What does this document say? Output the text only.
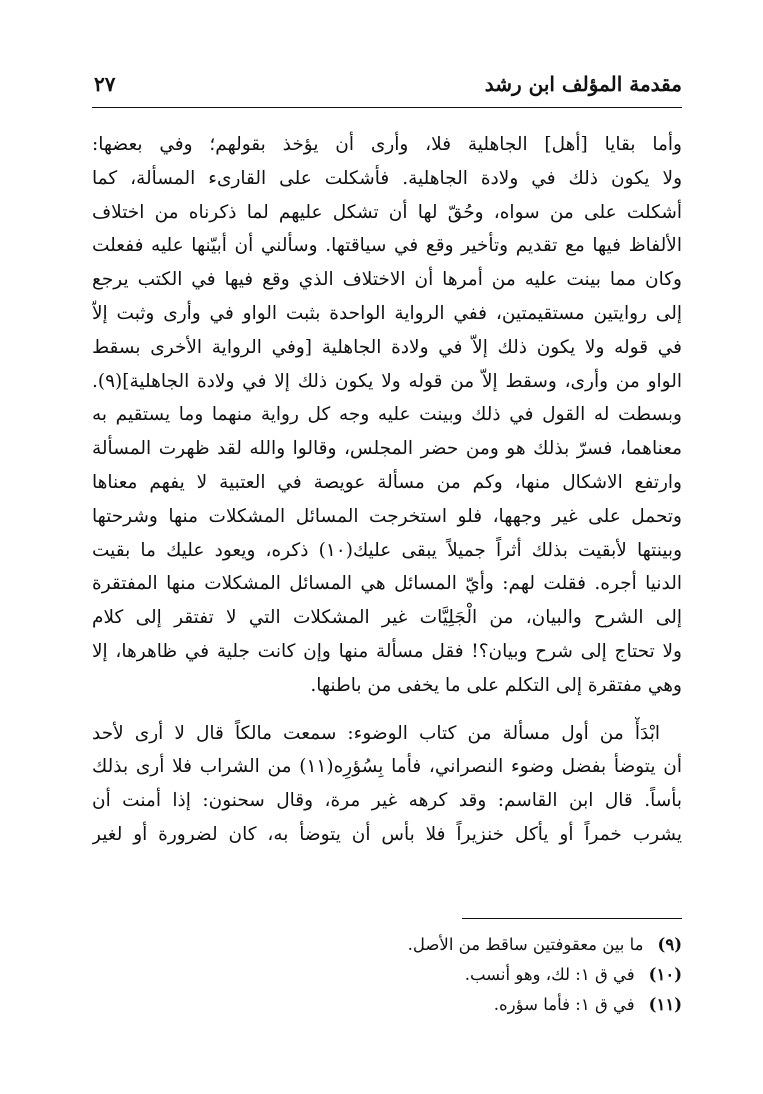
مقدمة المؤلف ابن رشد
٢٧
وأما بقايا [أهل] الجاهلية فلا، وأرى أن يؤخذ بقولهم؛ وفي بعضها:
ولا يكون ذلك في ولادة الجاهلية. فأشكلت على القارىء المسألة، كما
أشكلت على من سواه، وحُقّ لها أن تشكل عليهم لما ذكرناه من اختلاف
الألفاظ فيها مع تقديم وتأخير وقع في سياقتها. وسألني أن أبيّنها عليه ففعلت
وكان مما بينت عليه من أمرها أن الاختلاف الذي وقع فيها في الكتب يرجع
إلى روايتين مستقيمتين، ففي الرواية الواحدة بثبت الواو في وأرى وثبت إلاّ
في قوله ولا يكون ذلك إلاّ في ولادة الجاهلية [وفي الرواية الأخرى بسقط
الواو من وأرى، وسقط إلاّ من قوله ولا يكون ذلك إلا في ولادة الجاهلية](٩).
وبسطت له القول في ذلك وبينت عليه وجه كل رواية منهما وما يستقيم به
معناهما، فسرّ بذلك هو ومن حضر المجلس، وقالوا والله لقد ظهرت المسألة
وارتفع الاشكال منها، وكم من مسألة عويصة في العتبية لا يفهم معناها
وتحمل على غير وجهها، فلو استخرجت المسائل المشكلات منها وشرحتها
وبينتها لأبقيت بذلك أثراً جميلاً يبقى عليك(١٠) ذكره، ويعود عليك ما بقيت
الدنيا أجره. فقلت لهم: وأيّ المسائل هي المسائل المشكلات منها المفتقرة
إلى الشرح والبيان، من الْجَلِيَّات غير المشكلات التي لا تفتقر إلى كلام
ولا تحتاج إلى شرح وبيان؟! فقل مسألة منها وإن كانت جلية في ظاهرها، إلا
وهي مفتقرة إلى التكلم على ما يخفى من باطنها.
ابْدَأْ من أول مسألة من كتاب الوضوء: سمعت مالكاً قال لا أرى لأحد
أن يتوضأ بفضل وضوء النصراني، فأما بِسُؤرِه(١١) من الشراب فلا أرى بذلك
بأساً. قال ابن القاسم: وقد كرهه غير مرة، وقال سحنون: إذا أمنت أن
يشرب خمراً أو يأكل خنزيراً فلا بأس أن يتوضأ به، كان لضرورة أو لغير
(٩)ما بين معقوفتين ساقط من الأصل.
(١٠)في ق ١: لك، وهو أنسب.
(١١)في ق ١: فأما سؤره.
